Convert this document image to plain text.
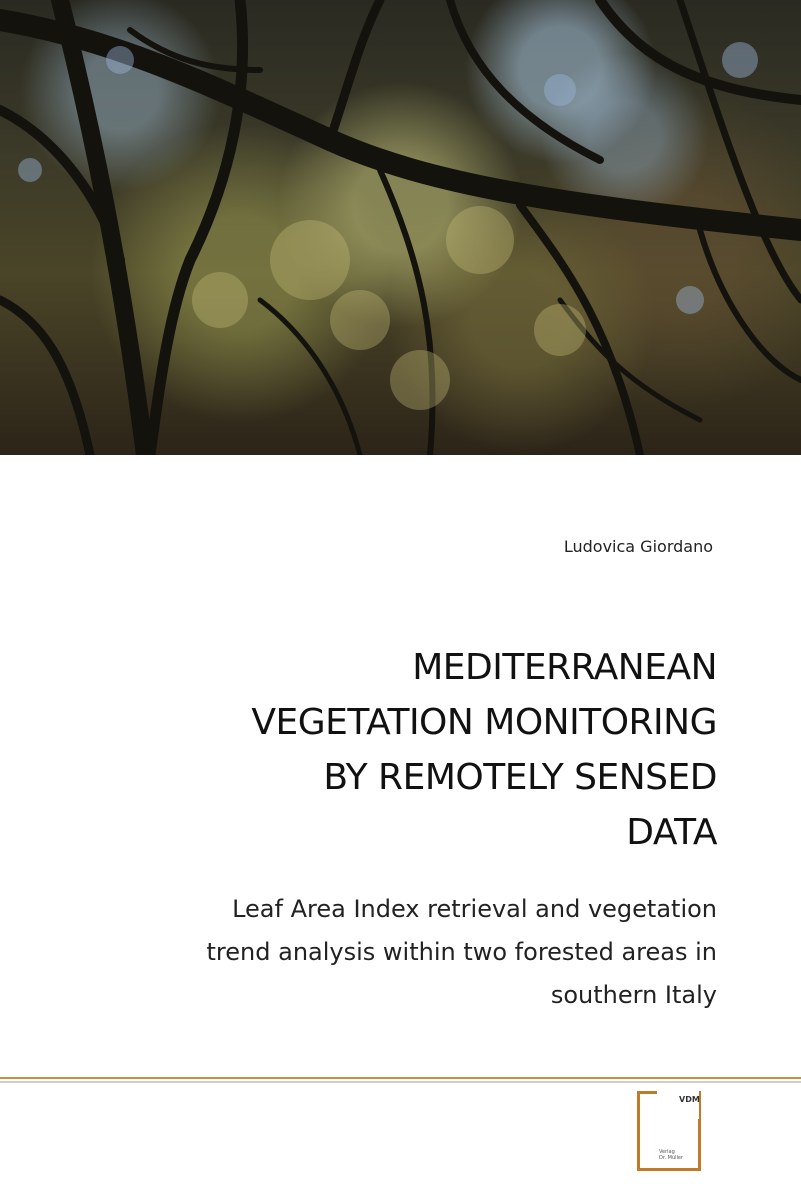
Ludovica Giordano
MEDITERRANEAN
VEGETATION MONITORING
BY REMOTELY SENSED
DATA
Leaf Area Index retrieval and vegetation
trend analysis within two forested areas in
southern Italy
VDM
Verlag
Dr. Müller
